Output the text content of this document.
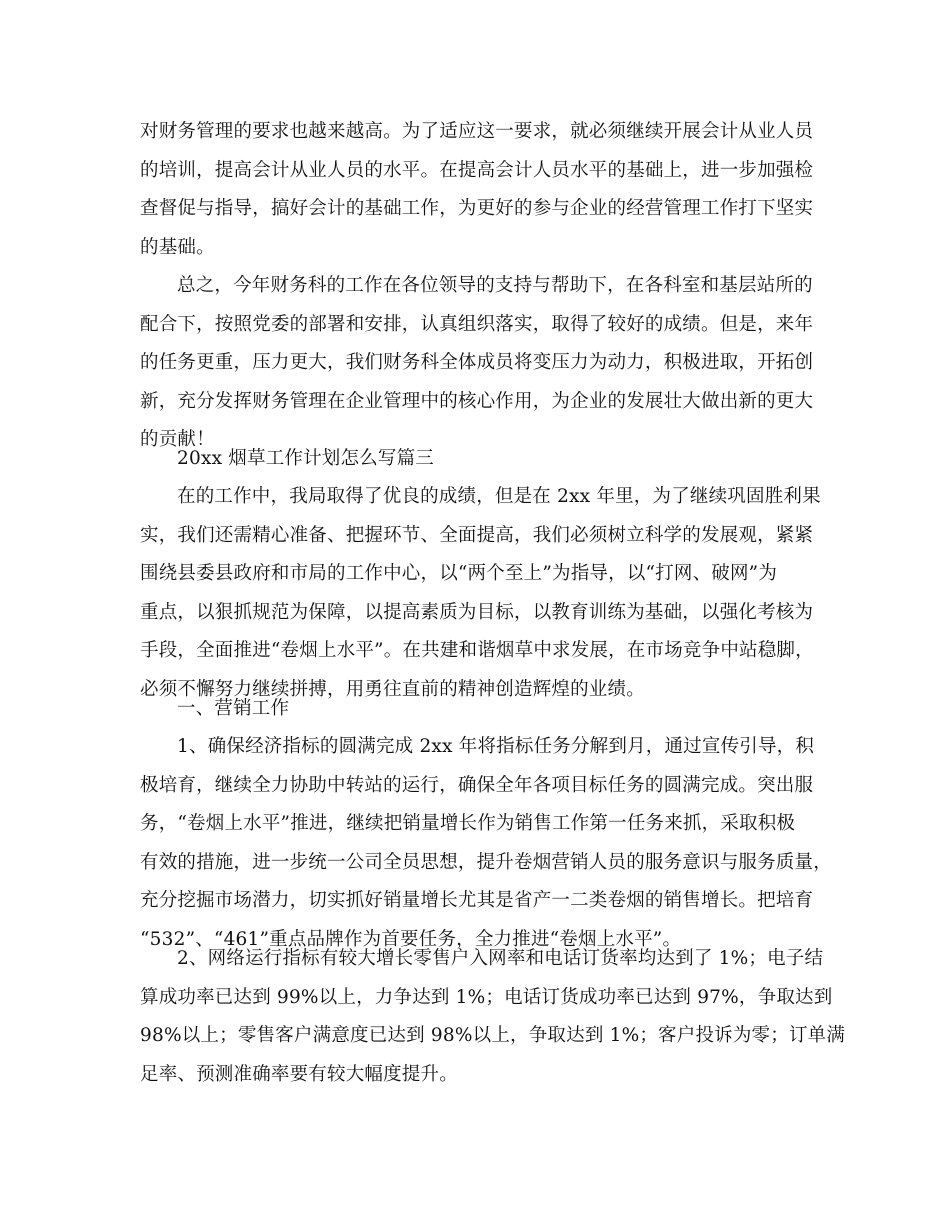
对财务管理的要求也越来越高。为了适应这一要求，就必须继续开展会计从业人员
的培训，提高会计从业人员的水平。在提高会计人员水平的基础上，进一步加强检
查督促与指导，搞好会计的基础工作，为更好的参与企业的经营管理工作打下坚实
的基础。
总之，今年财务科的工作在各位领导的支持与帮助下，在各科室和基层站所的
配合下，按照党委的部署和安排，认真组织落实，取得了较好的成绩。但是，来年
的任务更重，压力更大，我们财务科全体成员将变压力为动力，积极进取，开拓创
新，充分发挥财务管理在企业管理中的核心作用，为企业的发展壮大做出新的更大
的贡献！
20xx 烟草工作计划怎么写篇三
在的工作中，我局取得了优良的成绩，但是在 2xx 年里，为了继续巩固胜利果
实，我们还需精心准备、把握环节、全面提高，我们必须树立科学的发展观，紧紧
围绕县委县政府和市局的工作中心，以“两个至上”为指导，以“打网、破网”为
重点，以狠抓规范为保障，以提高素质为目标，以教育训练为基础，以强化考核为
手段，全面推进“卷烟上水平”。在共建和谐烟草中求发展，在市场竞争中站稳脚，
必须不懈努力继续拼搏，用勇往直前的精神创造辉煌的业绩。
一、营销工作
1、确保经济指标的圆满完成 2xx 年将指标任务分解到月，通过宣传引导，积
极培育，继续全力协助中转站的运行，确保全年各项目标任务的圆满完成。突出服
务，“卷烟上水平”推进，继续把销量增长作为销售工作第一任务来抓，采取积极
有效的措施，进一步统一公司全员思想，提升卷烟营销人员的服务意识与服务质量，
充分挖掘市场潜力，切实抓好销量增长尤其是省产一二类卷烟的销售增长。把培育
“532”、“461”重点品牌作为首要任务，全力推进“卷烟上水平”。
2、网络运行指标有较大增长零售户入网率和电话订货率均达到了 1%；电子结
算成功率已达到 99%以上，力争达到 1%；电话订货成功率已达到 97%，争取达到
98%以上；零售客户满意度已达到 98%以上，争取达到 1%；客户投诉为零；订单满
足率、预测准确率要有较大幅度提升。
